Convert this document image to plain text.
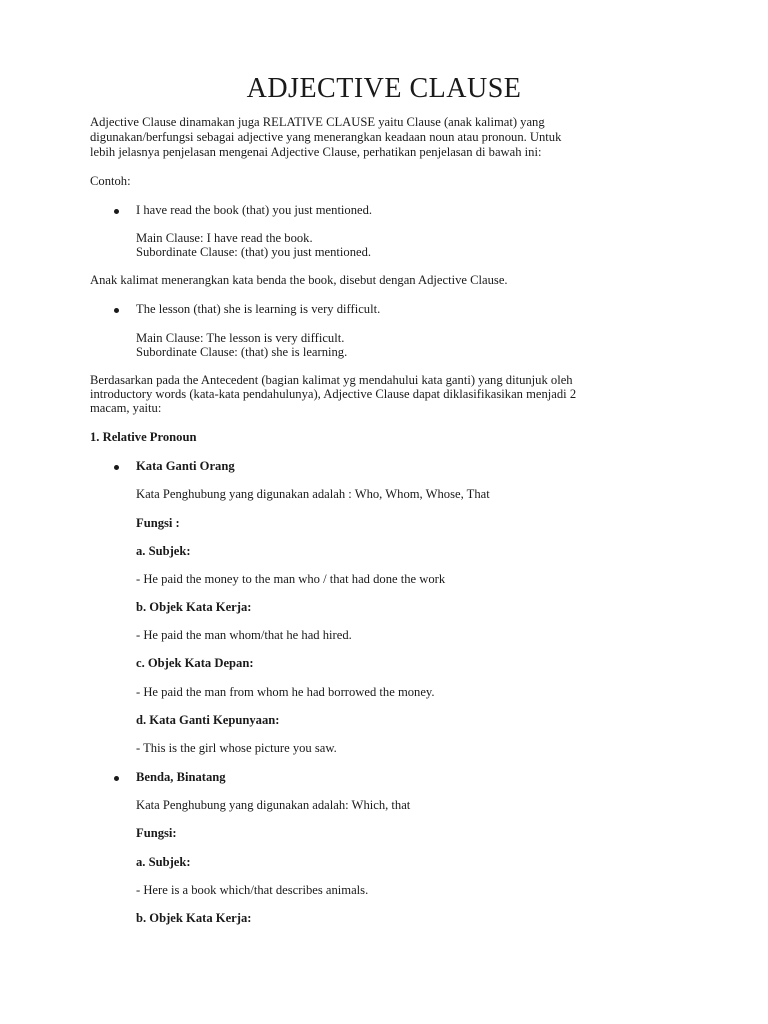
ADJECTIVE CLAUSE
Adjective Clause dinamakan juga RELATIVE CLAUSE yaitu Clause (anak kalimat) yang
digunakan/berfungsi sebagai adjective yang menerangkan keadaan noun atau pronoun. Untuk
lebih jelasnya penjelasan mengenai Adjective Clause, perhatikan penjelasan di bawah ini:
Contoh:
I have read the book (that) you just mentioned.
Main Clause: I have read the book.
Subordinate Clause: (that) you just mentioned.
Anak kalimat menerangkan kata benda the book, disebut dengan Adjective Clause.
The lesson (that) she is learning is very difficult.
Main Clause: The lesson is very difficult.
Subordinate Clause: (that) she is learning.
Berdasarkan pada the Antecedent (bagian kalimat yg mendahului kata ganti) yang ditunjuk oleh
introductory words (kata-kata pendahulunya), Adjective Clause dapat diklasifikasikan menjadi 2
macam, yaitu:
1. Relative Pronoun
Kata Ganti Orang
Kata Penghubung yang digunakan adalah : Who, Whom, Whose, That
Fungsi :
a. Subjek:
- He paid the money to the man who / that had done the work
b. Objek Kata Kerja:
- He paid the man whom/that he had hired.
c. Objek Kata Depan:
- He paid the man from whom he had borrowed the money.
d. Kata Ganti Kepunyaan:
- This is the girl whose picture you saw.
Benda, Binatang
Kata Penghubung yang digunakan adalah: Which, that
Fungsi:
a. Subjek:
- Here is a book which/that describes animals.
b. Objek Kata Kerja:
